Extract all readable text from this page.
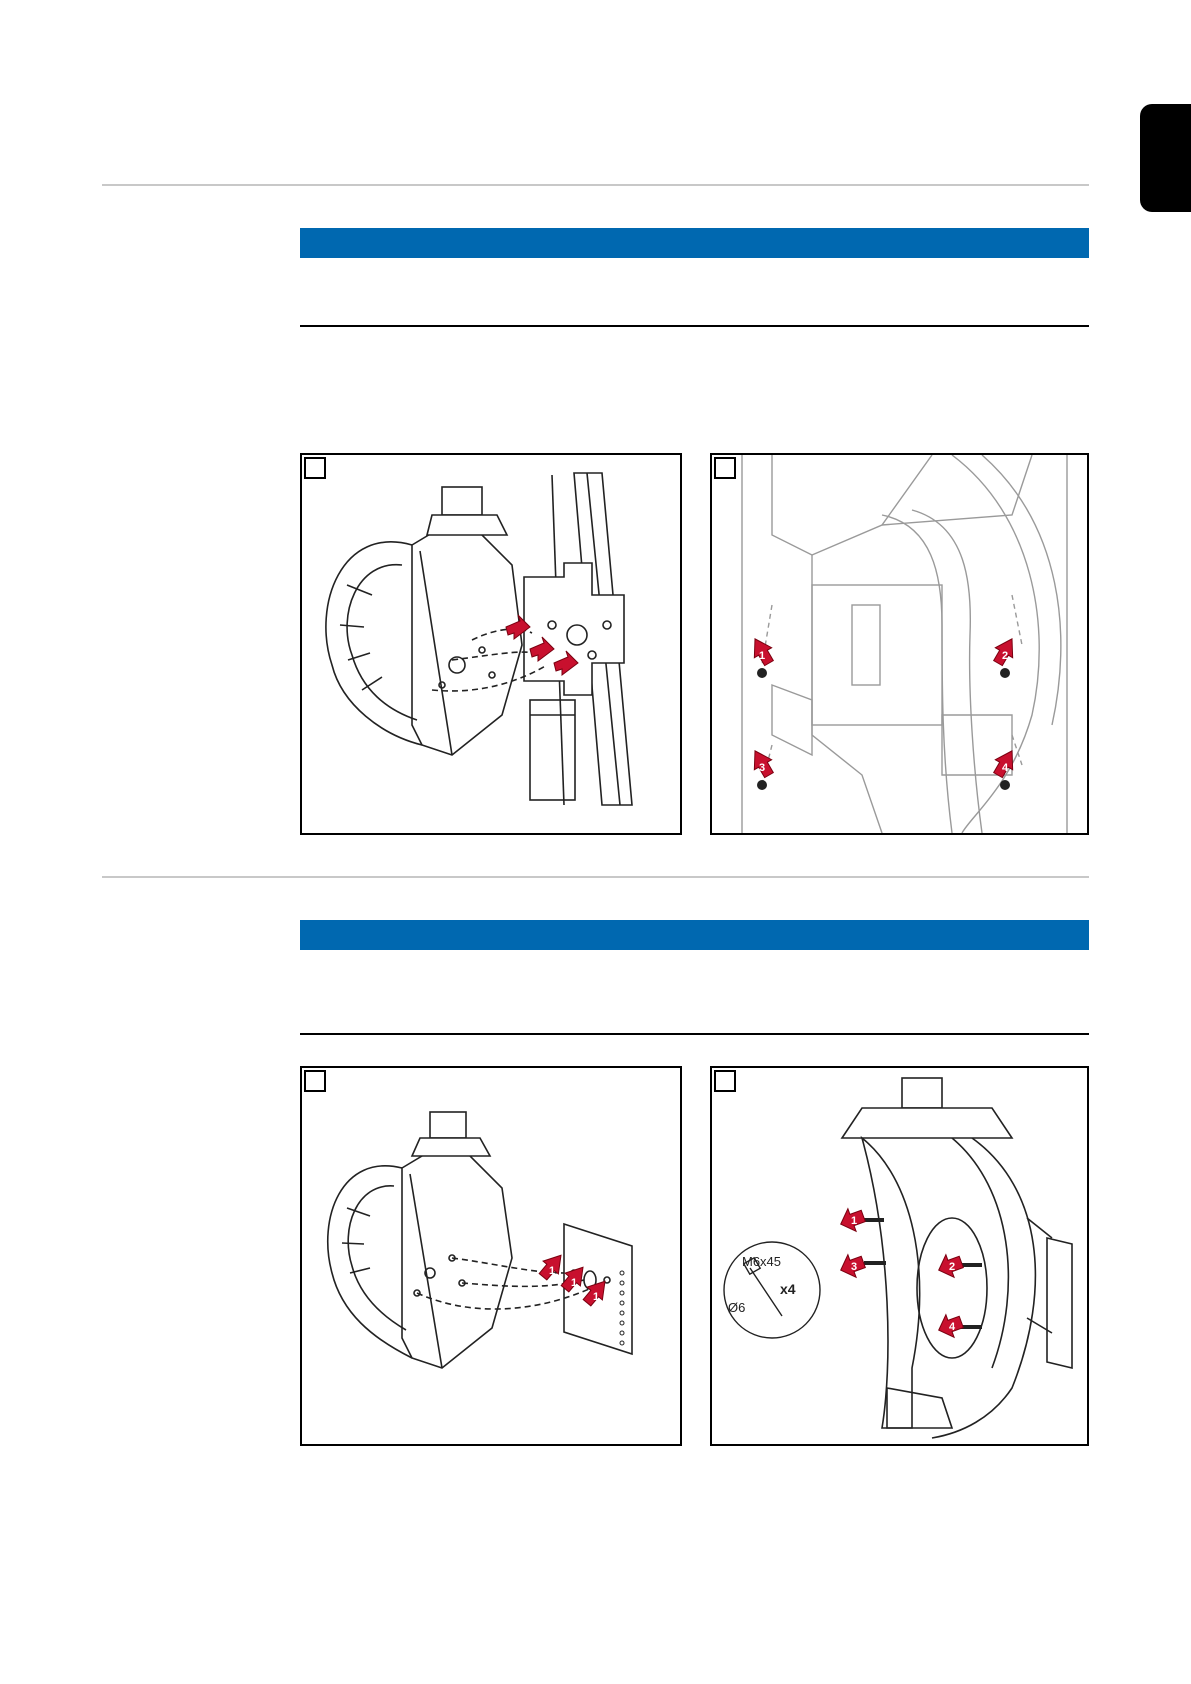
1	2
3	4
1
1
1
M6x45
Ø6
x4
1
2
3
4
